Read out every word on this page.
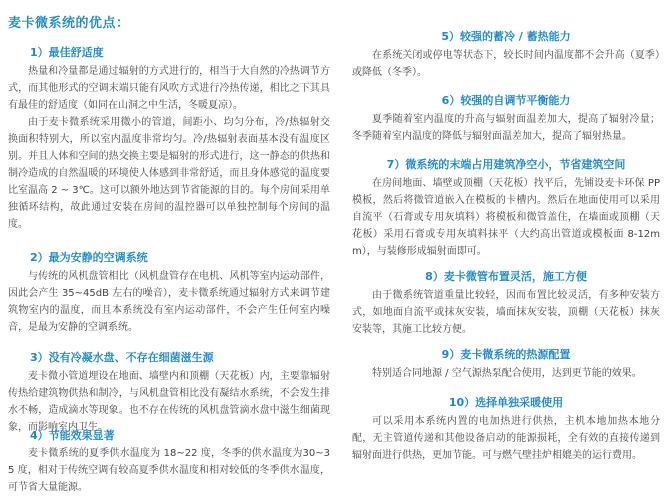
麦卡微系统的优点：
1）最佳舒适度

热量和冷量都是通过辐射的方式进行的，相当于大自然的冷热调节方式，而其他形式的空调末端只能有风吹方式进行冷热传递，相比之下其具有最佳的舒适度（如同在山洞之中生活，冬暖夏凉）。

由于麦卡微系统采用微小的管道，间距小、均匀分布，冷/热辐射交换面积特别大，所以室内温度非常均匀。冷/热辐射表面基本没有温度区别。并且人体和空间的热交换主要是辐射的形式进行，这一静态的供热和制冷造成的自然温暖的环境使人体感到非常舒适，而且身体感觉的温度要比室温高 2 ~ 3℃。这可以额外地达到节省能源的目的。每个房间采用单独循环结构，故此通过安装在房间的温控器可以单独控制每个房间的温度。

2）最为安静的空调系统

与传统的风机盘管相比（风机盘管存在电机、风机等室内运动部件，因此会产生 35~45dB 左右的噪音），麦卡微系统通过辐射方式来调节建筑物室内的温度，而且本系统没有室内运动部件，不会产生任何室内噪音，是最为安静的空调系统。

3）没有冷凝水盘、不存在细菌滋生源

麦卡微小管道埋设在地面、墙壁内和顶棚（天花板）内，主要靠辐射传热给建筑物供热和制冷，与风机盘管相比没有凝结水系统，不会发生排水不畅，造成滴水等现象。也不存在传统的风机盘管滴水盘中滋生细菌现象，而影响室内卫生。

4）节能效果显著

麦卡微系统的夏季供水温度为 18~22 度，冬季的供水温度为30~35 度，相对于传统空调有较高夏季供水温度和相对较低的冬季供水温度，可节省大量能源。

5）较强的蓄冷 / 蓄热能力

在系统关闭或停电等状态下，较长时间内温度都不会升高（夏季）或降低（冬季）。

6）较强的自调节平衡能力

夏季随着室内温度的升高与辐射面温差加大，提高了辐射冷量；冬季随着室内温度的降低与辐射面温差加大，提高了辐射热量。

7）微系统的末端占用建筑净空小，节省建筑空间

在房间地面、墙壁或顶棚（天花板）找平后，先铺设麦卡环保 PP 模板，然后将微管道嵌入在模板的卡槽内。然后在地面使用可以采用自流平（石膏或专用灰填料）将模板和微管盖住，在墙面或顶棚（天花板）采用石膏或专用灰填料抹平（大约高出管道或模板面 8-12mm），与装修形成辐射面即可。

8）麦卡微管布置灵活，施工方便

由于微系统管道重量比较轻，因而布置比较灵活，有多种安装方式，如地面自流平或抹灰安装，墙面抹灰安装，顶棚（天花板）抹灰安装等，其施工比较方便。

9）麦卡微系统的热源配置

特别适合同地源 / 空气源热泵配合使用，达到更节能的效果。

10）选择单独采暖使用

可以采用本系统内置的电加热进行供热，主机本地加热本地分配，无主管道传递和其他设备启动的能源损耗，全有效的直接传递到辐射面进行供热，更加节能。可与燃气壁挂炉相媲美的运行费用。
